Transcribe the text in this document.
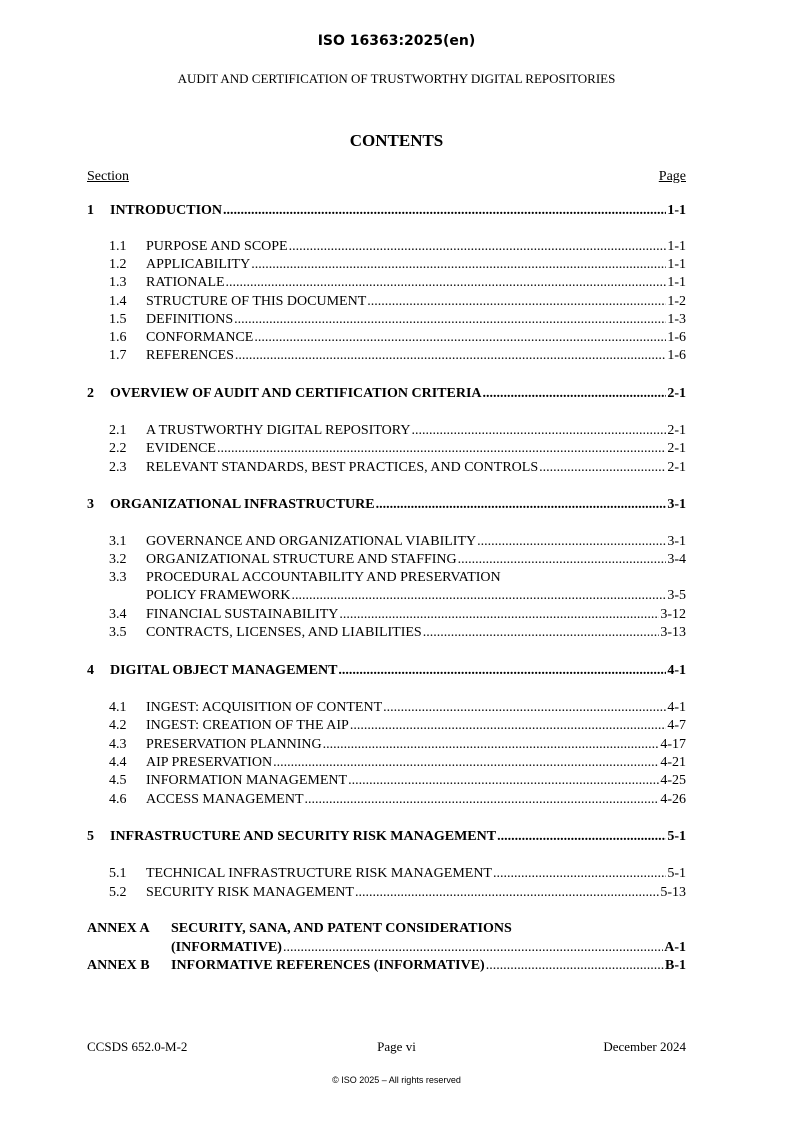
ISO 16363:2025(en)
AUDIT AND CERTIFICATION OF TRUSTWORTHY DIGITAL REPOSITORIES
CONTENTS
Section	Page
1	INTRODUCTION .....	1-1
1.1	PURPOSE AND SCOPE .....	1-1
1.2	APPLICABILITY .....	1-1
1.3	RATIONALE .....	1-1
1.4	STRUCTURE OF THIS DOCUMENT .....	1-2
1.5	DEFINITIONS .....	1-3
1.6	CONFORMANCE .....	1-6
1.7	REFERENCES .....	1-6
2	OVERVIEW OF AUDIT AND CERTIFICATION CRITERIA .....	2-1
2.1	A TRUSTWORTHY DIGITAL REPOSITORY .....	2-1
2.2	EVIDENCE .....	2-1
2.3	RELEVANT STANDARDS, BEST PRACTICES, AND CONTROLS .....	2-1
3	ORGANIZATIONAL INFRASTRUCTURE .....	3-1
3.1	GOVERNANCE AND ORGANIZATIONAL VIABILITY .....	3-1
3.2	ORGANIZATIONAL STRUCTURE AND STAFFING .....	3-4
3.3 PROCEDURAL ACCOUNTABILITY AND PRESERVATION
POLICY FRAMEWORK .....	3-5
3.4	FINANCIAL SUSTAINABILITY .....	3-12
3.5	CONTRACTS, LICENSES, AND LIABILITIES .....	3-13
4	DIGITAL OBJECT MANAGEMENT .....	4-1
4.1	INGEST: ACQUISITION OF CONTENT .....	4-1
4.2	INGEST: CREATION OF THE AIP .....	4-7
4.3	PRESERVATION PLANNING .....	4-17
4.4	AIP PRESERVATION .....	4-21
4.5	INFORMATION MANAGEMENT .....	4-25
4.6	ACCESS MANAGEMENT .....	4-26
5	INFRASTRUCTURE AND SECURITY RISK MANAGEMENT .....	5-1
5.1	TECHNICAL INFRASTRUCTURE RISK MANAGEMENT .....	5-1
5.2	SECURITY RISK MANAGEMENT .....	5-13
ANNEX A SECURITY, SANA, AND PATENT CONSIDERATIONS
(INFORMATIVE) .....	A-1
ANNEX B	INFORMATIVE REFERENCES (INFORMATIVE) .....	B-1
CCSDS 652.0-M-2	Page vi	December 2024
© ISO 2025 – All rights reserved
